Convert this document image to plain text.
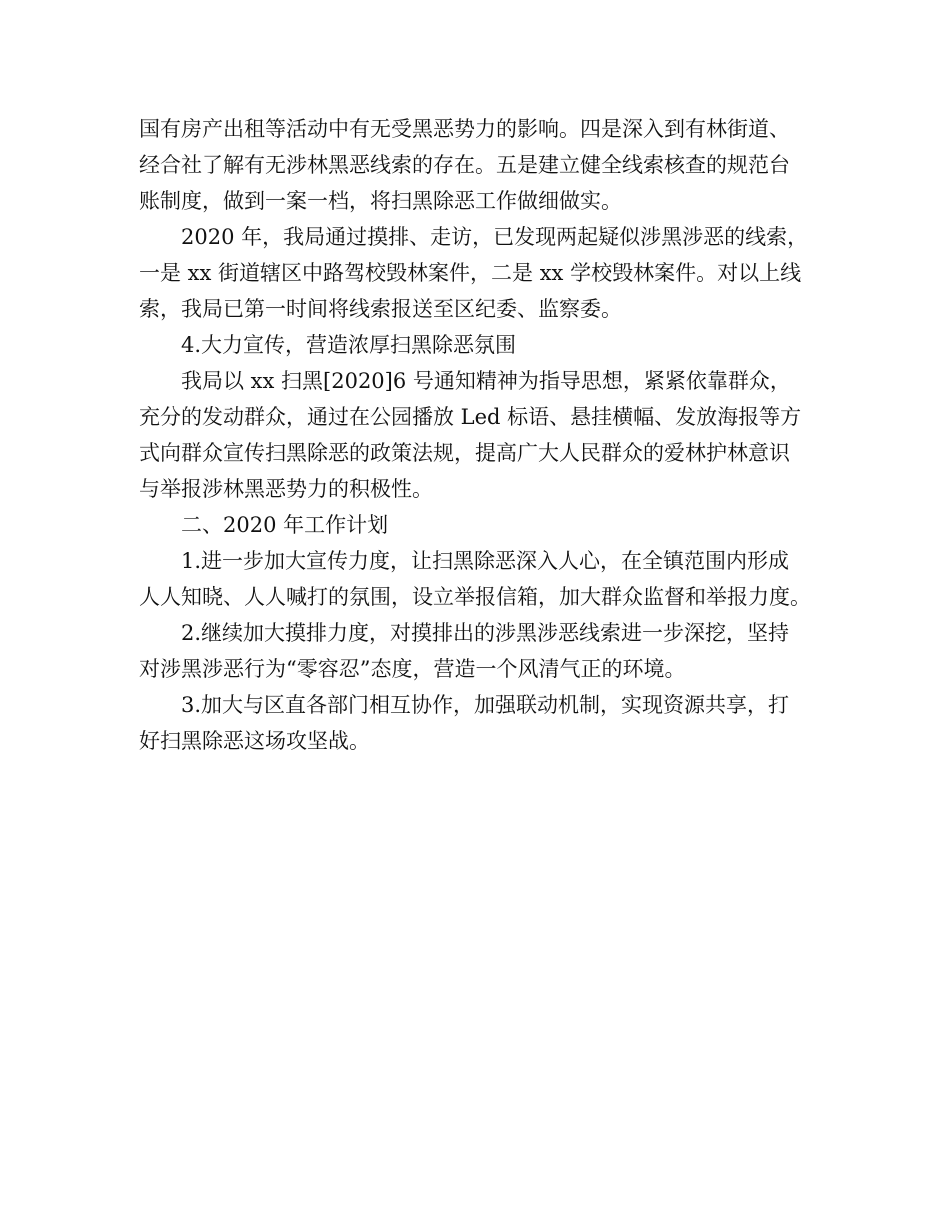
国有房产出租等活动中有无受黑恶势力的影响。四是深入到有林街道、
经合社了解有无涉林黑恶线索的存在。五是建立健全线索核查的规范台
账制度，做到一案一档，将扫黑除恶工作做细做实。
2020 年，我局通过摸排、走访，已发现两起疑似涉黑涉恶的线索，
一是 xx 街道辖区中路驾校毁林案件，二是 xx 学校毁林案件。对以上线
索，我局已第一时间将线索报送至区纪委、监察委。
4.大力宣传，营造浓厚扫黑除恶氛围
我局以 xx 扫黑[2020]6 号通知精神为指导思想，紧紧依靠群众，
充分的发动群众，通过在公园播放 Led 标语、悬挂横幅、发放海报等方
式向群众宣传扫黑除恶的政策法规，提高广大人民群众的爱林护林意识
与举报涉林黑恶势力的积极性。
二、2020 年工作计划
1.进一步加大宣传力度，让扫黑除恶深入人心，在全镇范围内形成
人人知晓、人人喊打的氛围，设立举报信箱，加大群众监督和举报力度。
2.继续加大摸排力度，对摸排出的涉黑涉恶线索进一步深挖，坚持
对涉黑涉恶行为“零容忍”态度，营造一个风清气正的环境。
3.加大与区直各部门相互协作，加强联动机制，实现资源共享，打
好扫黑除恶这场攻坚战。
